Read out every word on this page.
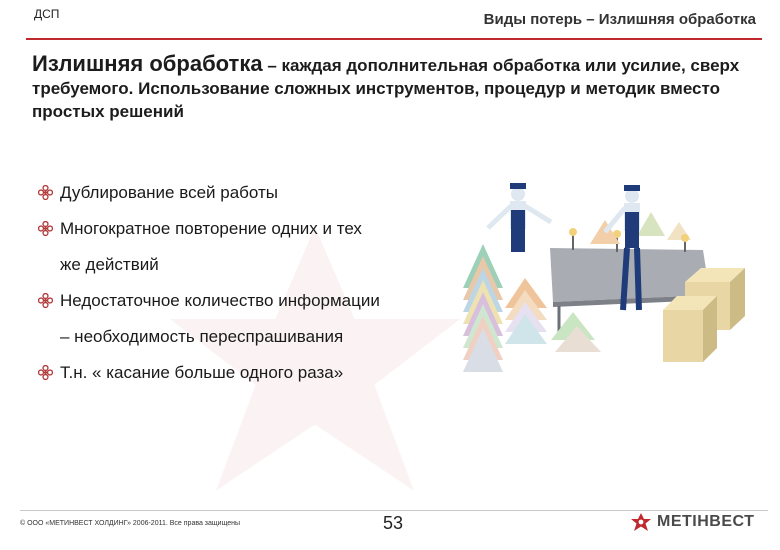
ДСП	Виды потерь – Излишняя обработка
Излишняя обработка – каждая дополнительная обработка или усилие, сверх требуемого. Использование сложных инструментов, процедур и методик вместо простых решений
Дублирование всей работы
Многократное повторение одних и тех
же действий
Недостаточное количество информации
– необходимость переспрашивания
Т.н. « касание больше одного раза»
© ООО «МЕТИНВЕСТ ХОЛДИНГ» 2006-2011. Все права защищены	53	МЕТІНВЕСТ
